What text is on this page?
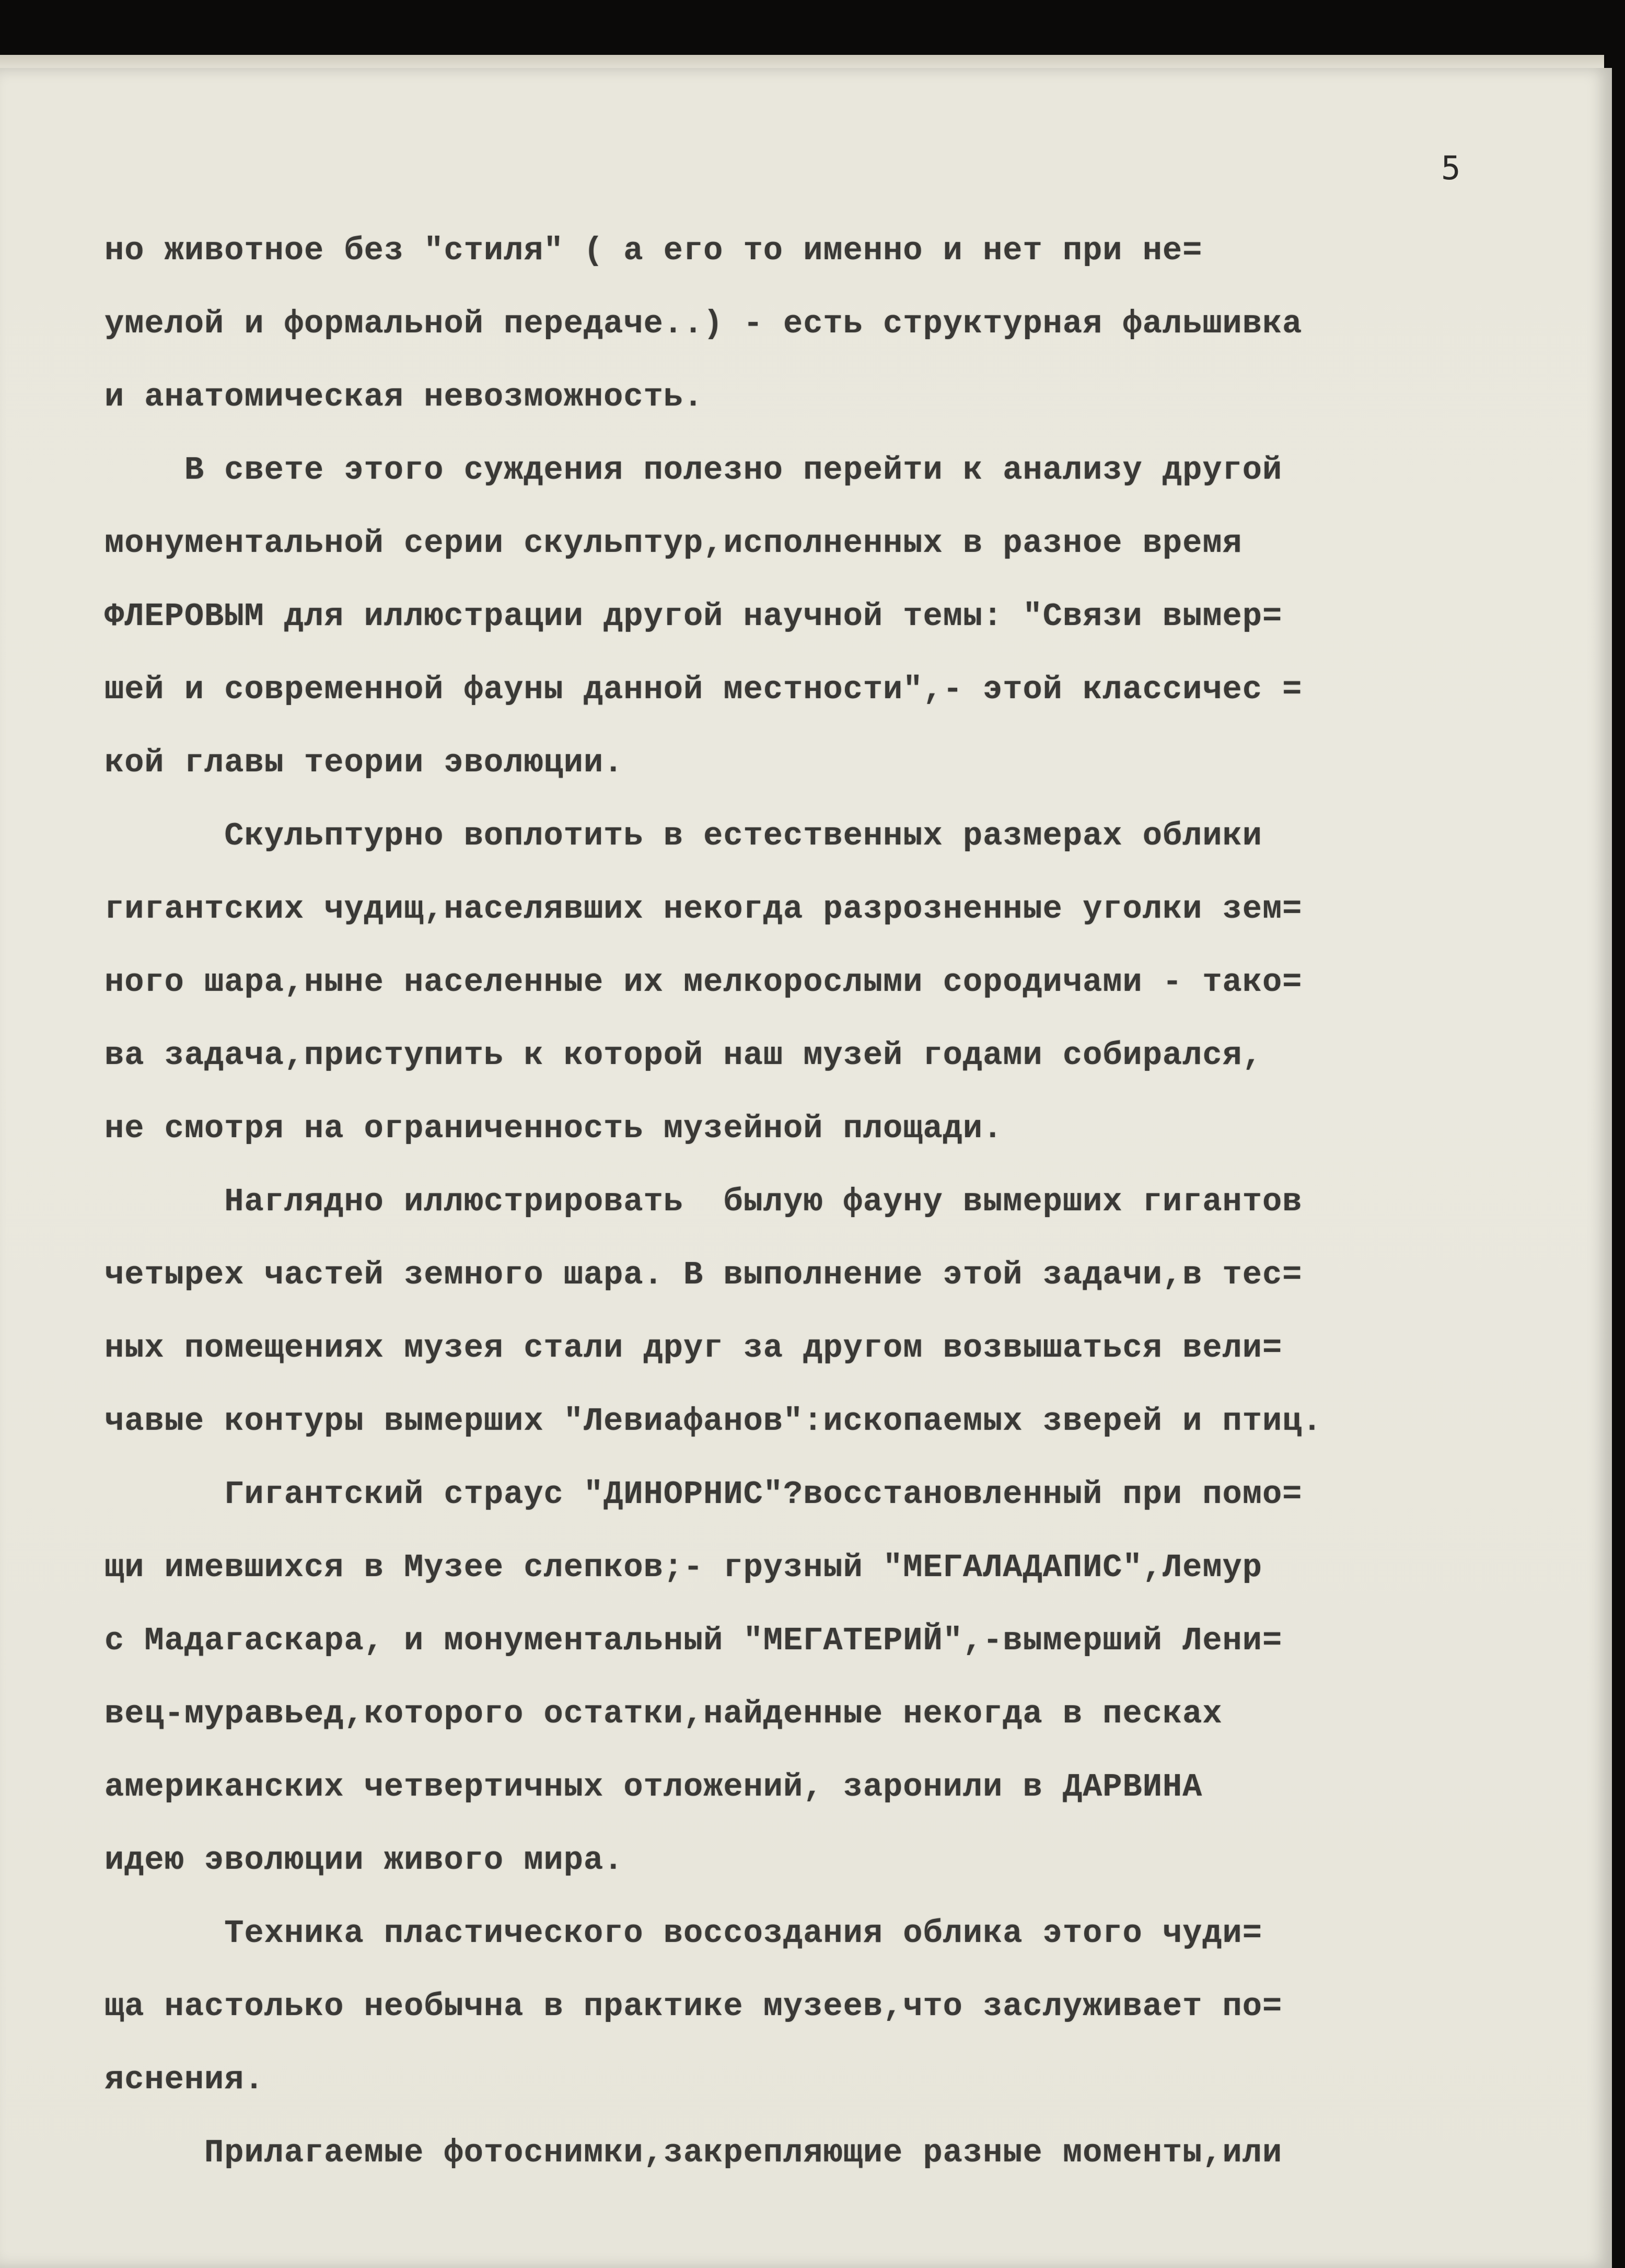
5
но животное без "стиля" ( а его то именно и нет при не=
умелой и формальной передаче..) - есть структурная фальшивка
и анатомическая невозможность.
В свете этого суждения полезно перейти к анализу другой
монументальной серии скульптур,исполненных в разное время
ФЛЕРОВЫМ для иллюстрации другой научной темы: "Связи вымер=
шей и современной фауны данной местности",- этой классичес =
кой главы теории эволюции.
Скульптурно воплотить в естественных размерах облики
гигантских чудищ,населявших некогда разрозненные уголки зем=
ного шара,ныне населенные их мелкорослыми сородичами - тако=
ва задача,приступить к которой наш музей годами собирался,
не смотря на ограниченность музейной площади.
Наглядно иллюстрировать  былую фауну вымерших гигантов
четырех частей земного шара. В выполнение этой задачи,в тес=
ных помещениях музея стали друг за другом возвышаться вели=
чавые контуры вымерших "Левиафанов":ископаемых зверей и птиц.
Гигантский страус "ДИНОРНИС"?восстановленный при помо=
щи имевшихся в Музее слепков;- грузный "МЕГАЛАДАПИС",Лемур
с Мадагаскара, и монументальный "МЕГАТЕРИЙ",-вымерший Лени=
вец-муравьед,которого остатки,найденные некогда в песках
американских четвертичных отложений, заронили в ДАРВИНА
идею эволюции живого мира.
Техника пластического воссоздания облика этого чуди=
ща настолько необычна в практике музеев,что заслуживает по=
яснения.
Прилагаемые фотоснимки,закрепляющие разные моменты,или
